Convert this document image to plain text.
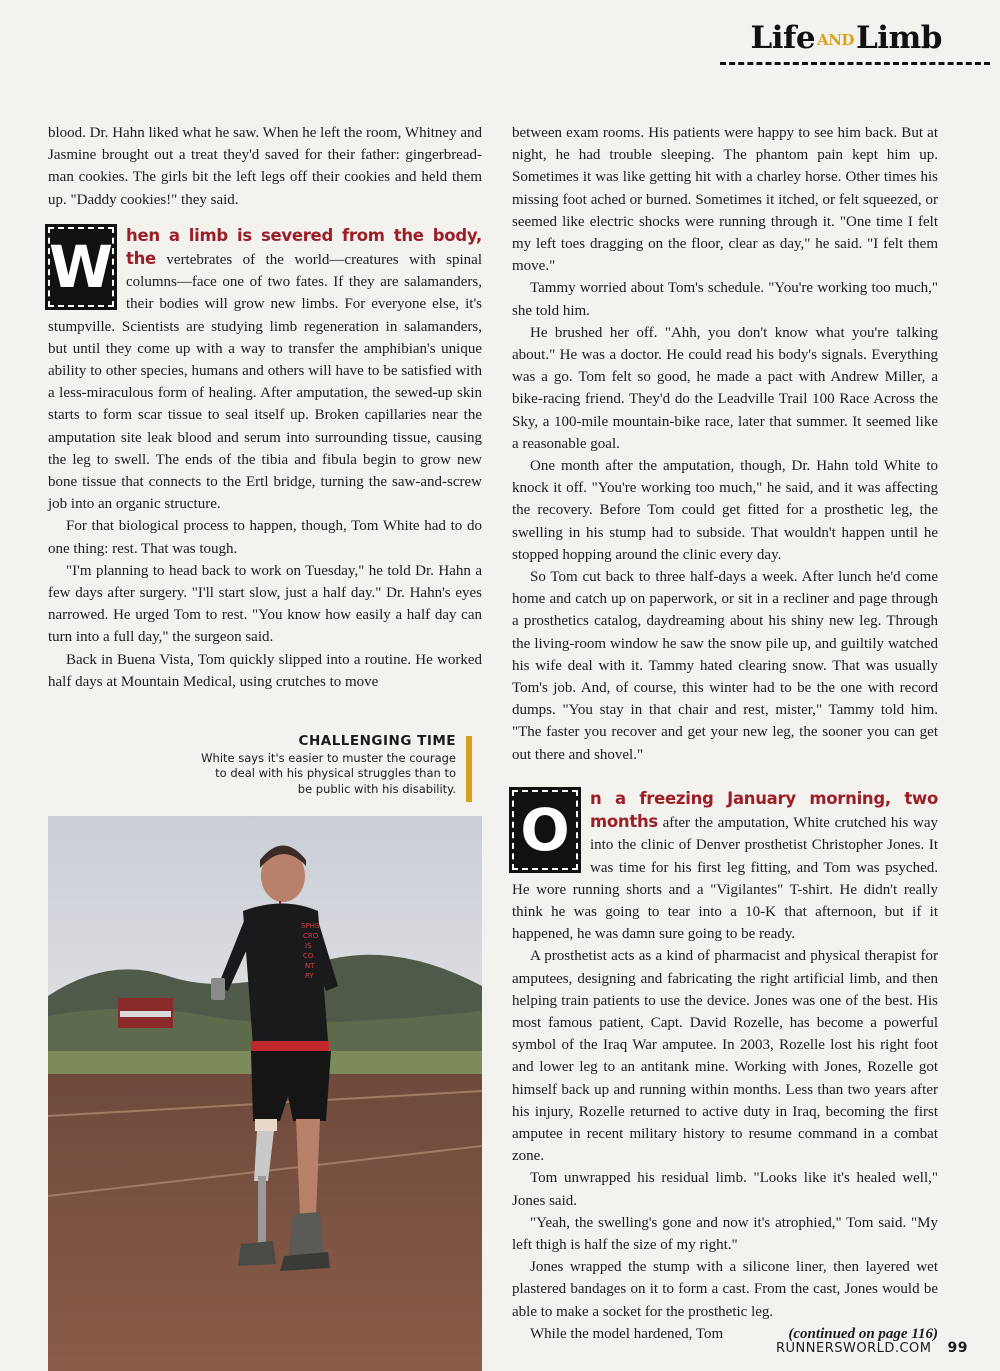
Life ANDLimb

blood. Dr. Hahn liked what he saw. When he left the room, Whitney and Jasmine brought out a treat they'd saved for their father: gingerbread-man cookies. The girls bit the left legs off their cookies and held them up. "Daddy cookies!" they said.

W hen a limb is severed from the body, the vertebrates of the world—creatures with spinal columns—face one of two fates. If they are salamanders, their bodies will grow new limbs. For everyone else, it's stumpville. Scientists are studying limb regeneration in salamanders, but until they come up with a way to transfer the amphibian's unique ability to other species, humans and others will have to be satisfied with a less-miraculous form of healing. After amputation, the sewed-up skin starts to form scar tissue to seal itself up. Broken capillaries near the amputation site leak blood and serum into surrounding tissue, causing the leg to swell. The ends of the tibia and fibula begin to grow new bone tissue that connects to the Ertl bridge, turning the saw-and-screw job into an organic structure.

For that biological process to happen, though, Tom White had to do one thing: rest. That was tough.

"I'm planning to head back to work on Tuesday," he told Dr. Hahn a few days after surgery. "I'll start slow, just a half day." Dr. Hahn's eyes narrowed. He urged Tom to rest. "You know how easily a half day can turn into a full day," the surgeon said.

Back in Buena Vista, Tom quickly slipped into a routine. He worked half days at Mountain Medical, using crutches to move

CHALLENGING TIME
White says it's easier to muster the courage to deal with his physical struggles than to be public with his disability.
SPHS
CRO
IS
CO
NT
RY

between exam rooms. His patients were happy to see him back. But at night, he had trouble sleeping. The phantom pain kept him up. Sometimes it was like getting hit with a charley horse. Other times his missing foot ached or burned. Sometimes it itched, or felt squeezed, or seemed like electric shocks were running through it. "One time I felt my left toes dragging on the floor, clear as day," he said. "I felt them move."

Tammy worried about Tom's schedule. "You're working too much," she told him.

He brushed her off. "Ahh, you don't know what you're talking about." He was a doctor. He could read his body's signals. Everything was a go. Tom felt so good, he made a pact with Andrew Miller, a bike-racing friend. They'd do the Leadville Trail 100 Race Across the Sky, a 100-mile mountain-bike race, later that summer. It seemed like a reasonable goal.

One month after the amputation, though, Dr. Hahn told White to knock it off. "You're working too much," he said, and it was affecting the recovery. Before Tom could get fitted for a prosthetic leg, the swelling in his stump had to subside. That wouldn't happen until he stopped hopping around the clinic every day.

So Tom cut back to three half-days a week. After lunch he'd come home and catch up on paperwork, or sit in a recliner and page through a prosthetics catalog, daydreaming about his shiny new leg. Through the living-room window he saw the snow pile up, and guiltily watched his wife deal with it. Tammy hated clearing snow. That was usually Tom's job. And, of course, this winter had to be the one with record dumps. "You stay in that chair and rest, mister," Tammy told him. "The faster you recover and get your new leg, the sooner you can get out there and shovel."

O	n a freezing January morning, two months after the amputation, White crutched his way into the clinic of Denver prosthetist Christopher Jones. It was time for his first leg fitting, and Tom was psyched. He wore running shorts and a "Vigilantes" T-shirt. He didn't really think he was going to tear into a 10-K that afternoon, but if it happened, he was damn sure going to be ready.

A prosthetist acts as a kind of pharmacist and physical therapist for amputees, designing and fabricating the right artificial limb, and then helping train patients to use the device. Jones was one of the best. His most famous patient, Capt. David Rozelle, has become a powerful symbol of the Iraq War amputee. In 2003, Rozelle lost his right foot and lower leg to an antitank mine. Working with Jones, Rozelle got himself back up and running within months. Less than two years after his injury, Rozelle returned to active duty in Iraq, becoming the first amputee in recent military history to resume command in a combat zone.

Tom unwrapped his residual limb. "Looks like it's healed well," Jones said.

"Yeah, the swelling's gone and now it's atrophied," Tom said. "My left thigh is half the size of my right."

Jones wrapped the stump with a silicone liner, then layered wet plastered bandages on it to form a cast. From the cast, Jones would be able to make a socket for the prosthetic leg.

While the model hardened, Tom	(continued on page 116)

RUNNERSWORLD.COM 99
